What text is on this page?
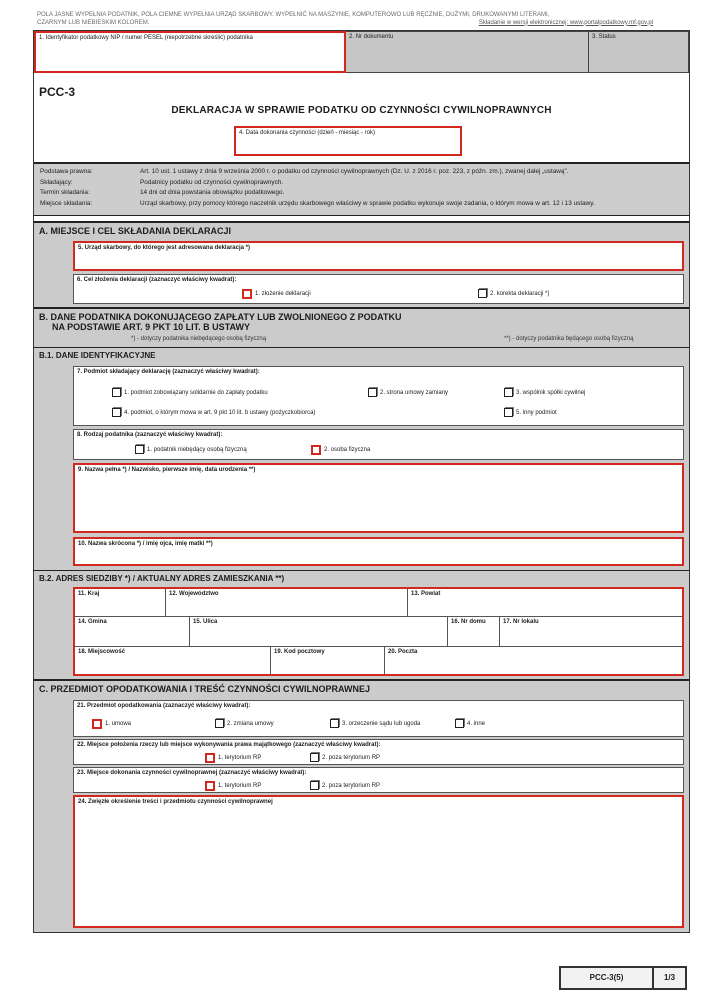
POLA JASNE WYPEŁNIA PODATNIK, POLA CIEMNE WYPEŁNIA URZĄD SKARBOWY. WYPEŁNIĆ NA MASZYNIE, KOMPUTEROWO LUB RĘCZNIE, DUŻYMI, DRUKOWANYMI LITERAMI,

Składanie w wersji elektronicznej: www.portalpodatkowy.mf.gov.pl
CZARNYM LUB NIEBIESKIM KOLOREM.
1. Identyfikator podatkowy NIP / numer PESEL (niepotrzebne skreślić) podatnika	2. Nr dokumentu	3. Status
PCC-3
DEKLARACJA W SPRAWIE PODATKU OD CZYNNOŚCI CYWILNOPRAWNYCH
4. Data dokonania czynności (dzień - miesiąc - rok)
Podstawa prawna:	Art. 10 ust. 1 ustawy z dnia 9 września 2000 r. o podatku od czynności cywilnoprawnych (Dz. U. z 2016 r. poz. 223, z późn. zm.), zwanej dalej „ustawą”.
Składający:	Podatnicy podatku od czynności cywilnoprawnych.
Termin składania:	14 dni od dnia powstania obowiązku podatkowego.
Miejsce składania:	Urząd skarbowy, przy pomocy którego naczelnik urzędu skarbowego właściwy w sprawie podatku wykonuje swoje zadania, o którym mowa w art. 12 i 13 ustawy.
A. MIEJSCE I CEL SKŁADANIA DEKLARACJI
5. Urząd skarbowy, do którego jest adresowana deklaracja *)
6. Cel złożenia deklaracji (zaznaczyć właściwy kwadrat):
1. złożenie deklaracji	2. korekta deklaracji *)
B. DANE PODATNIKA DOKONUJĄCEGO ZAPŁATY LUB ZWOLNIONEGO Z PODATKU
NA PODSTAWIE ART. 9 PKT 10 LIT. B USTAWY
*) - dotyczy podatnika niebędącego osobą fizyczną	**) - dotyczy podatnika będącego osobą fizyczną
B.1. DANE IDENTYFIKACYJNE
7. Podmiot składający deklarację (zaznaczyć właściwy kwadrat):
1. podmiot zobowiązany solidarnie do zapłaty podatku	2. strona umowy zamiany	3. wspólnik spółki cywilnej
4. podmiot, o którym mowa w art. 9 pkt 10 lit. b ustawy (pożyczkobiorca)	5. inny podmiot
8. Rodzaj podatnika (zaznaczyć właściwy kwadrat):
1. podatnik niebędący osobą fizyczną	2. osoba fizyczna
9. Nazwa pełna *) / Nazwisko, pierwsze imię, data urodzenia **)
10. Nazwa skrócona *) / imię ojca, imię matki **)
B.2. ADRES SIEDZIBY *) / AKTUALNY ADRES ZAMIESZKANIA **)
11. Kraj	12. Województwo	13. Powiat
14. Gmina	15. Ulica	16. Nr domu	17. Nr lokalu
18. Miejscowość	19. Kod pocztowy	20. Poczta
C. PRZEDMIOT OPODATKOWANIA I TREŚĆ CZYNNOŚCI CYWILNOPRAWNEJ
21. Przedmiot opodatkowania (zaznaczyć właściwy kwadrat):
1. umowa	2. zmiana umowy	3. orzeczenie sądu lub ugoda	4. inne
22. Miejsce położenia rzeczy lub miejsce wykonywania prawa majątkowego (zaznaczyć właściwy kwadrat):
1. terytorium RP	2. poza terytorium RP
23. Miejsce dokonania czynności cywilnoprawnej (zaznaczyć właściwy kwadrat):
1. terytorium RP	2. poza terytorium RP
24. Zwięzłe określenie treści i przedmiotu czynności cywilnoprawnej
PCC-3(5)	1/3
